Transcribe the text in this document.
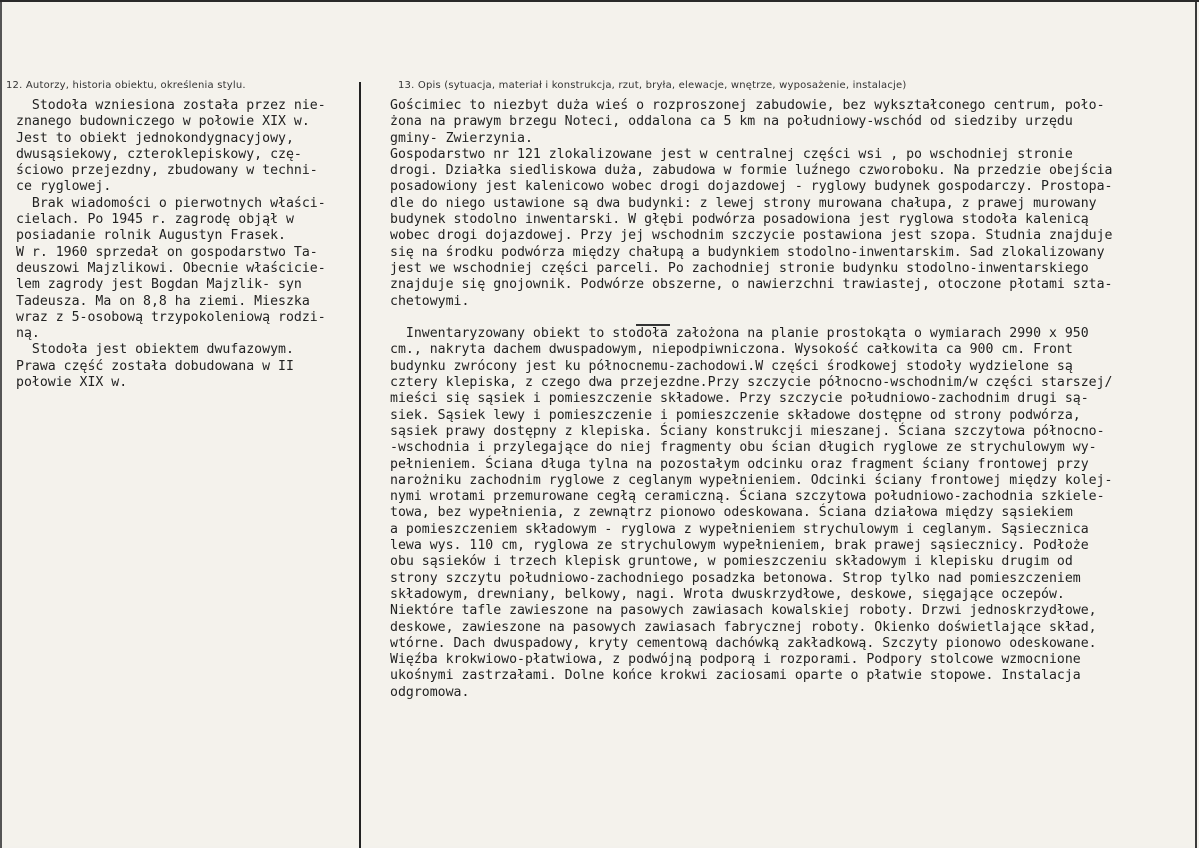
12. Autorzy, historia obiektu, określenia stylu.	13. Opis (sytuacja, materiał i konstrukcja, rzut, bryła, elewacje, wnętrze, wyposażenie, instalacje)
Stodoła wzniesiona została przez nie-
znanego budowniczego w połowie XIX w.
Jest to obiekt jednokondygnacyjowy,
dwusąsiekowy, czteroklepiskowy, czę-
ściowo przejezdny, zbudowany w techni-
ce ryglowej.
Brak wiadomości o pierwotnych właści-
cielach. Po 1945 r. zagrodę objął w
posiadanie rolnik Augustyn Frasek.
W r. 1960 sprzedał on gospodarstwo Ta-
deuszowi Majzlikowi. Obecnie właścicie-
lem zagrody jest Bogdan Majzlik- syn
Tadeusza. Ma on 8,8 ha ziemi. Mieszka
wraz z 5-osobową trzypokoleniową rodzi-
ną.
Stodoła jest obiektem dwufazowym.
Prawa część została dobudowana w II
połowie XIX w.
Gościmiec to niezbyt duża wieś o rozproszonej zabudowie, bez wykształconego centrum, poło-
żona na prawym brzegu Noteci, oddalona ca 5 km na południowy-wschód od siedziby urzędu
gminy- Zwierzynia.
Gospodarstwo nr 121 zlokalizowane jest w centralnej części wsi , po wschodniej stronie
drogi. Działka siedliskowa duża, zabudowa w formie luźnego czworoboku. Na przedzie obejścia
posadowiony jest kalenicowo wobec drogi dojazdowej - ryglowy budynek gospodarczy. Prostopa-
dle do niego ustawione są dwa budynki: z lewej strony murowana chałupa, z prawej murowany
budynek stodolno inwentarski. W głębi podwórza posadowiona jest ryglowa stodoła kalenicą
wobec drogi dojazdowej. Przy jej wschodnim szczycie postawiona jest szopa. Studnia znajduje
się na środku podwórza między chałupą a budynkiem stodolno-inwentarskim. Sad zlokalizowany
jest we wschodniej części parceli. Po zachodniej stronie budynku stodolno-inwentarskiego
znajduje się gnojownik. Podwórze obszerne, o nawierzchni trawiastej, otoczone płotami szta-
chetowymi.
Inwentaryzowany obiekt to stodoła założona na planie prostokąta o wymiarach 2990 x 950
cm., nakryta dachem dwuspadowym, niepodpiwniczona. Wysokość całkowita ca 900 cm. Front
budynku zwrócony jest ku północnemu-zachodowi.W części środkowej stodoły wydzielone są
cztery klepiska, z czego dwa przejezdne.Przy szczycie północno-wschodnim/w części starszej/
mieści się sąsiek i pomieszczenie składowe. Przy szczycie południowo-zachodnim drugi są-
siek. Sąsiek lewy i pomieszczenie i pomieszczenie składowe dostępne od strony podwórza,
sąsiek prawy dostępny z klepiska. Ściany konstrukcji mieszanej. Ściana szczytowa północno-
-wschodnia i przylegające do niej fragmenty obu ścian długich ryglowe ze strychulowym wy-
pełnieniem. Ściana długa tylna na pozostałym odcinku oraz fragment ściany frontowej przy
narożniku zachodnim ryglowe z ceglanym wypełnieniem. Odcinki ściany frontowej między kolej-
nymi wrotami przemurowane cegłą ceramiczną. Ściana szczytowa południowo-zachodnia szkiele-
towa, bez wypełnienia, z zewnątrz pionowo odeskowana. Ściana działowa między sąsiekiem
a pomieszczeniem składowym - ryglowa z wypełnieniem strychulowym i ceglanym. Sąsiecznica
lewa wys. 110 cm, ryglowa ze strychulowym wypełnieniem, brak prawej sąsiecznicy. Podłoże
obu sąsieków i trzech klepisk gruntowe, w pomieszczeniu składowym i klepisku drugim od
strony szczytu południowo-zachodniego posadzka betonowa. Strop tylko nad pomieszczeniem
składowym, drewniany, belkowy, nagi. Wrota dwuskrzydłowe, deskowe, sięgające oczepów.
Niektóre tafle zawieszone na pasowych zawiasach kowalskiej roboty. Drzwi jednoskrzydłowe,
deskowe, zawieszone na pasowych zawiasach fabrycznej roboty. Okienko doświetlające skład,
wtórne. Dach dwuspadowy, kryty cementową dachówką zakładkową. Szczyty pionowo odeskowane.
Więźba krokwiowo-płatwiowa, z podwójną podporą i rozporami. Podpory stolcowe wzmocnione
ukośnymi zastrzałami. Dolne końce krokwi zaciosami oparte o płatwie stopowe. Instalacja
odgromowa.
